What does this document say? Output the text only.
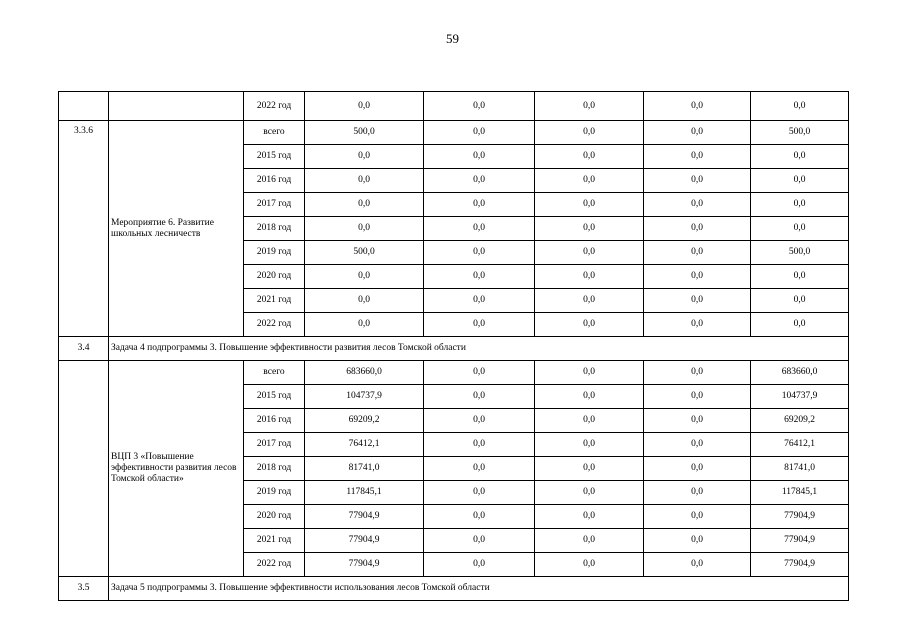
59
		2022 год	0,0	0,0	0,0	0,0	0,0
3.3.6	Мероприятие 6. Развитие школьных лесничеств	всего	500,0	0,0	0,0	0,0	500,0
		2015 год	0,0	0,0	0,0	0,0	0,0
		2016 год	0,0	0,0	0,0	0,0	0,0
		2017 год	0,0	0,0	0,0	0,0	0,0
		2018 год	0,0	0,0	0,0	0,0	0,0
		2019 год	500,0	0,0	0,0	0,0	500,0
		2020 год	0,0	0,0	0,0	0,0	0,0
		2021 год	0,0	0,0	0,0	0,0	0,0
		2022 год	0,0	0,0	0,0	0,0	0,0
3.4	Задача 4 подпрограммы 3. Повышение эффективности развития лесов Томской области						
	ВЦП 3 «Повышение эффективности развития лесов Томской области»	всего	683660,0	0,0	0,0	0,0	683660,0
		2015 год	104737,9	0,0	0,0	0,0	104737,9
		2016 год	69209,2	0,0	0,0	0,0	69209,2
		2017 год	76412,1	0,0	0,0	0,0	76412,1
		2018 год	81741,0	0,0	0,0	0,0	81741,0
		2019 год	117845,1	0,0	0,0	0,0	117845,1
		2020 год	77904,9	0,0	0,0	0,0	77904,9
		2021 год	77904,9	0,0	0,0	0,0	77904,9
		2022 год	77904,9	0,0	0,0	0,0	77904,9
3.5	Задача 5 подпрограммы 3. Повышение эффективности использования лесов Томской области						
